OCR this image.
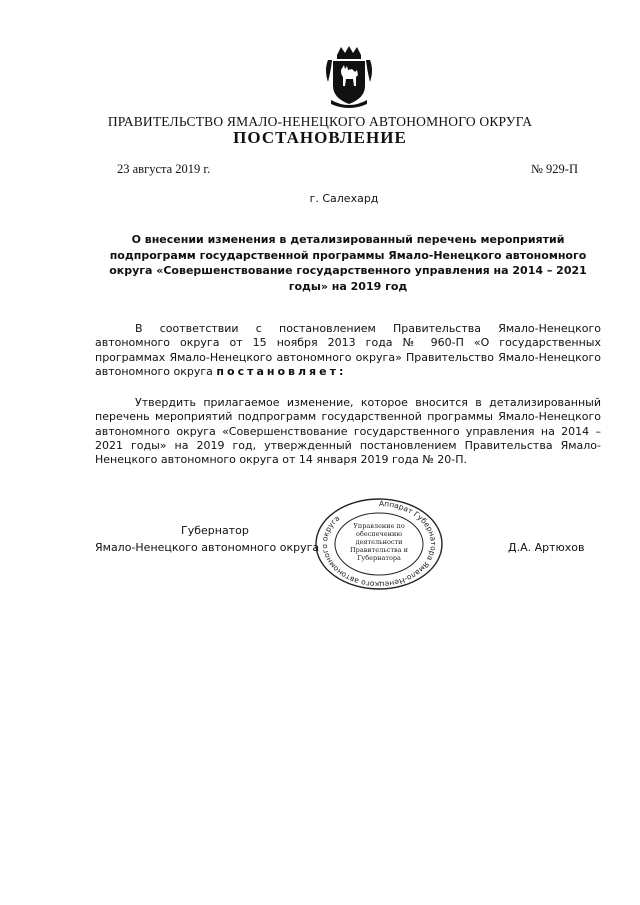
ПРАВИТЕЛЬСТВО ЯМАЛО-НЕНЕЦКОГО АВТОНОМНОГО ОКРУГА
ПОСТАНОВЛЕНИЕ
23 августа 2019 г.	№ 929-П
г. Салехард
О внесении изменения в детализированный перечень мероприятий подпрограмм государственной программы Ямало-Ненецкого автономного округа «Совершенствование государственного управления на 2014 – 2021 годы» на 2019 год

В соответствии с постановлением Правительства Ямало-Ненецкого автономного округа от 15 ноября 2013 года № 960-П «О государственных программах Ямало-Ненецкого автономного округа» Правительство Ямало-Ненецкого автономного округа постановляет:

Утвердить прилагаемое изменение, которое вносится в детализированный перечень мероприятий подпрограмм государственной программы Ямало-Ненецкого автономного округа «Совершенствование государственного управления на 2014 – 2021 годы» на 2019 год, утвержденный постановлением Правительства Ямало-Ненецкого автономного округа от 14 января 2019 года № 20-П.

Губернатор
Ямало-Ненецкого автономного округа	Д.А. Артюхов
Аппарат Губернатора Ямало-Ненецкого автономного округа
Управление по обеспечению деятельности Правительства и Губернатора
